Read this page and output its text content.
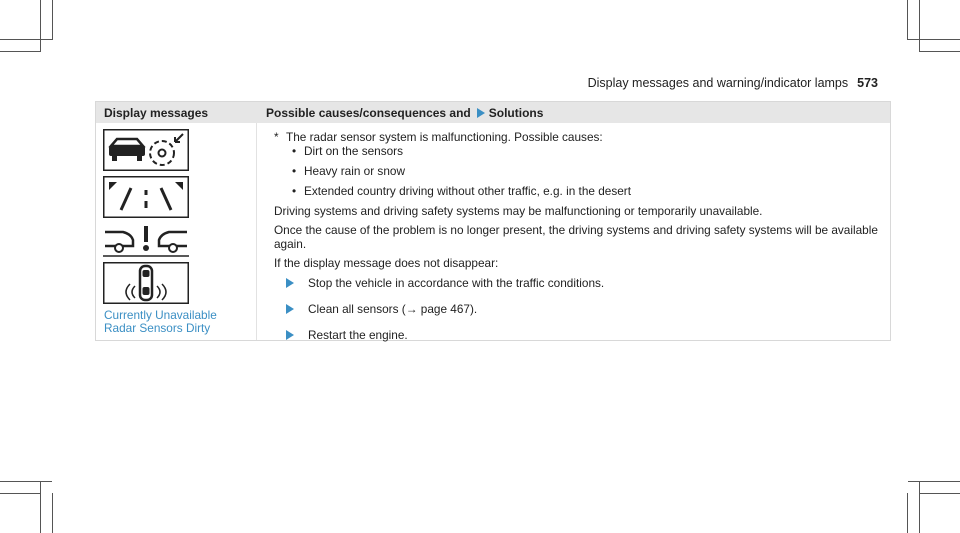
Display messages and warning/indicator lamps 573
Display messages	Possible causes/consequences and Solutions
Currently Unavailable
Radar Sensors Dirty

* The radar sensor system is malfunctioning. Possible causes:

• Dirt on the sensors
• Heavy rain or snow
• Extended country driving without other traffic, e.g. in the desert

Driving systems and driving safety systems may be malfunctioning or temporarily unavailable.

Once the cause of the problem is no longer present, the driving systems and driving safety systems will be available again.

If the display message does not disappear:

Stop the vehicle in accordance with the traffic conditions.
Clean all sensors (→ page 467).
Restart the engine.
